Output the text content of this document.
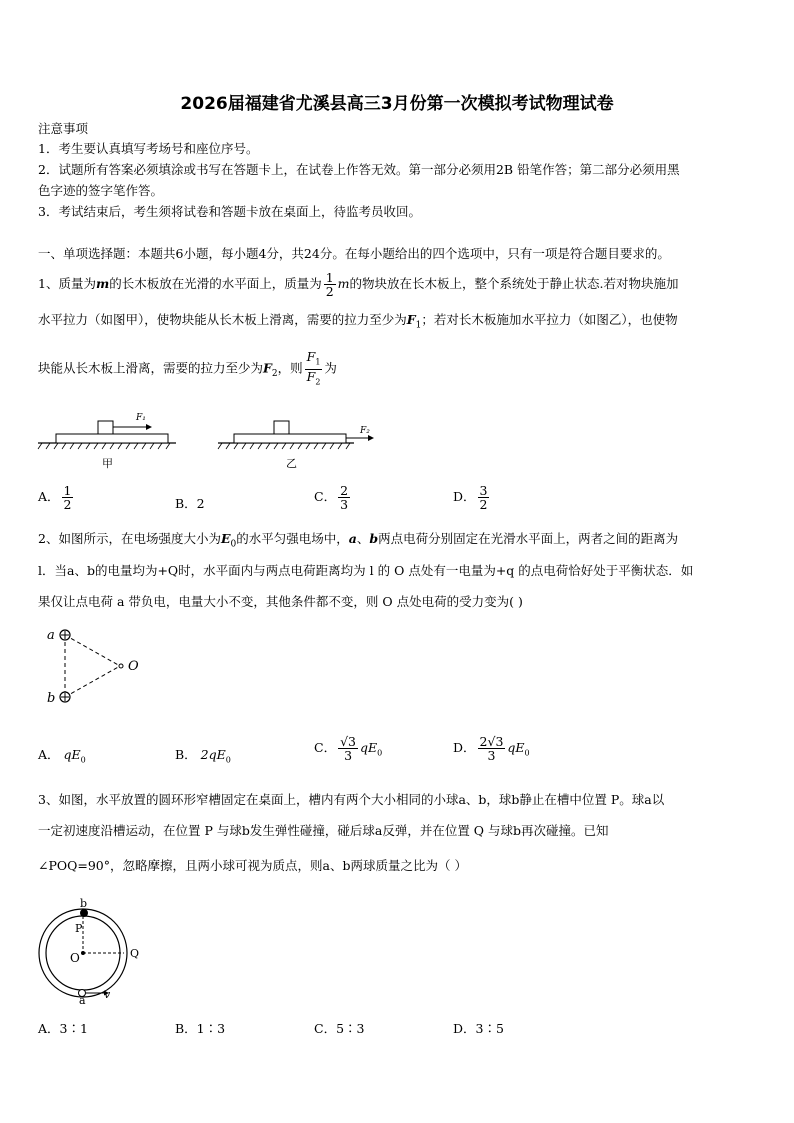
2026届福建省尤溪县高三3月份第一次模拟考试物理试卷
注意事项
1．考生要认真填写考场号和座位序号。
2．试题所有答案必须填涂或书写在答题卡上，在试卷上作答无效。第一部分必须用2B 铅笔作答；第二部分必须用黑
色字迹的签字笔作答。
3．考试结束后，考生须将试卷和答题卡放在桌面上，待监考员收回。
一、单项选择题：本题共6小题，每小题4分，共24分。在每小题给出的四个选项中，只有一项是符合题目要求的。
1、质量为m的长木板放在光滑的水平面上，质量为 $\frac{1}{2}$ m的物块放在长木板上，整个系统处于静止状态.若对物块施加
水平拉力（如图甲），使物块能从长木板上滑离，需要的拉力至少为$F_1$；若对长木板施加水平拉力（如图乙），也使物
块能从长木板上滑离，需要的拉力至少为$F_2$，则 $\frac{F_1}{F_2}$ 为
F₁
甲
F₂
乙
A． $\frac{1}{2}$	B．2	C． $\frac{2}{3}$	D． $\frac{3}{2}$
2、如图所示，在电场强度大小为$E_0$的水平匀强电场中，a、b两点电荷分别固定在光滑水平面上，两者之间的距离为
l．当a、b的电量均为+Q时，水平面内与两点电荷距离均为 l 的 O 点处有一电量为+q 的点电荷恰好处于平衡状态．如
果仅让点电荷 a 带负电，电量大小不变，其他条件都不变，则 O 点处电荷的受力变为( )
a
b
O
A． $qE_0$	B． $2qE_0$
C． $\frac{√3}{3} qE_0$	D． $\frac{2√3}{3} qE_0$
3、如图，水平放置的圆环形窄槽固定在桌面上，槽内有两个大小相同的小球a、b，球b静止在槽中位置 P。球a以
一定初速度沿槽运动，在位置 P 与球b发生弹性碰撞，碰后球a反弹，并在位置 Q 与球b再次碰撞。已知
∠POQ=90°，忽略摩擦，且两小球可视为质点，则a、b两球质量之比为（ ）
b
P
Q
O
a v
A．3∶1	B．1∶3	C．5∶3	D．3∶5
